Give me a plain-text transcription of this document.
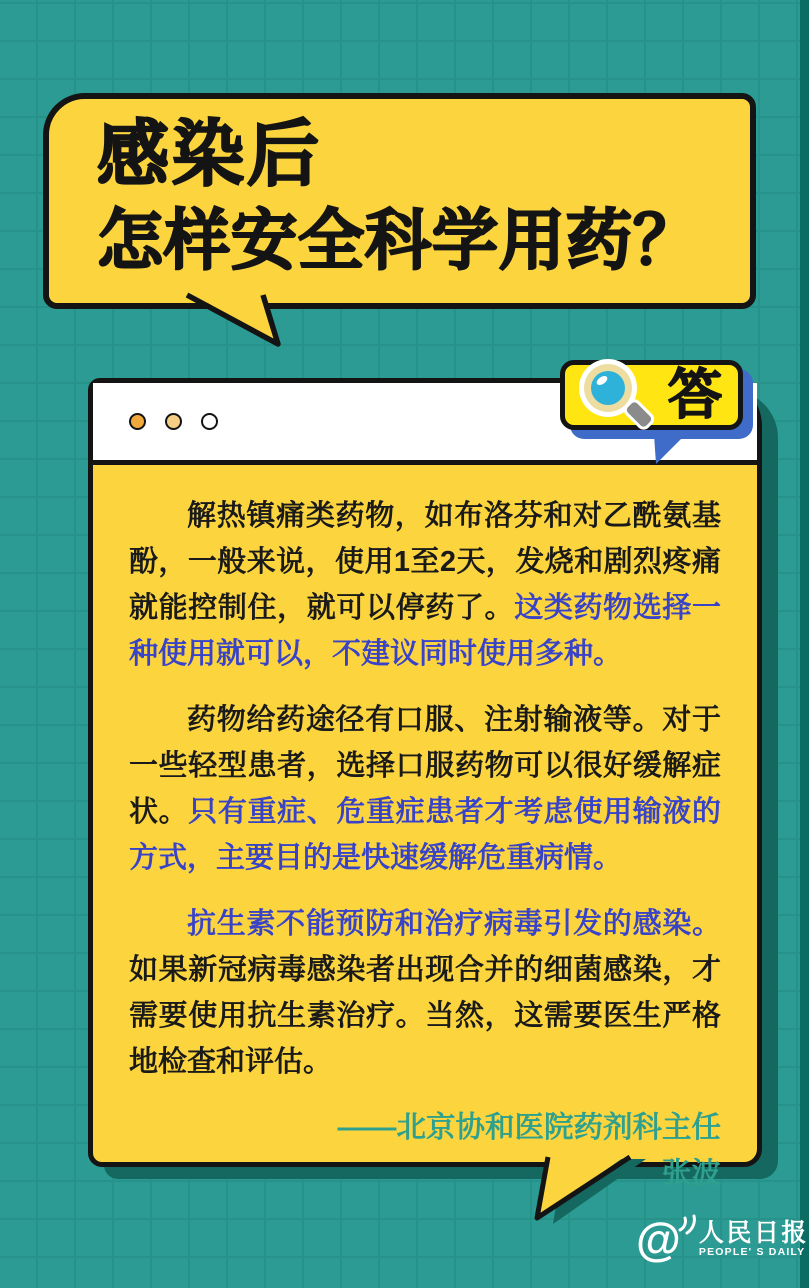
感染后
怎样安全科学用药？

解热镇痛类药物，如布洛芬和对乙酰氨基酚，一般来说，使用1至2天，发烧和剧烈疼痛就能控制住，就可以停药了。这类药物选择一种使用就可以，不建议同时使用多种。

药物给药途径有口服、注射输液等。对于一些轻型患者，选择口服药物可以很好缓解症状。只有重症、危重症患者才考虑使用输液的方式，主要目的是快速缓解危重病情。

抗生素不能预防和治疗病毒引发的感染。如果新冠病毒感染者出现合并的细菌感染，才需要使用抗生素治疗。当然，这需要医生严格地检查和评估。

——北京协和医院药剂科主任
张波
答
@ 人民日报
PEOPLE' S DAILY
